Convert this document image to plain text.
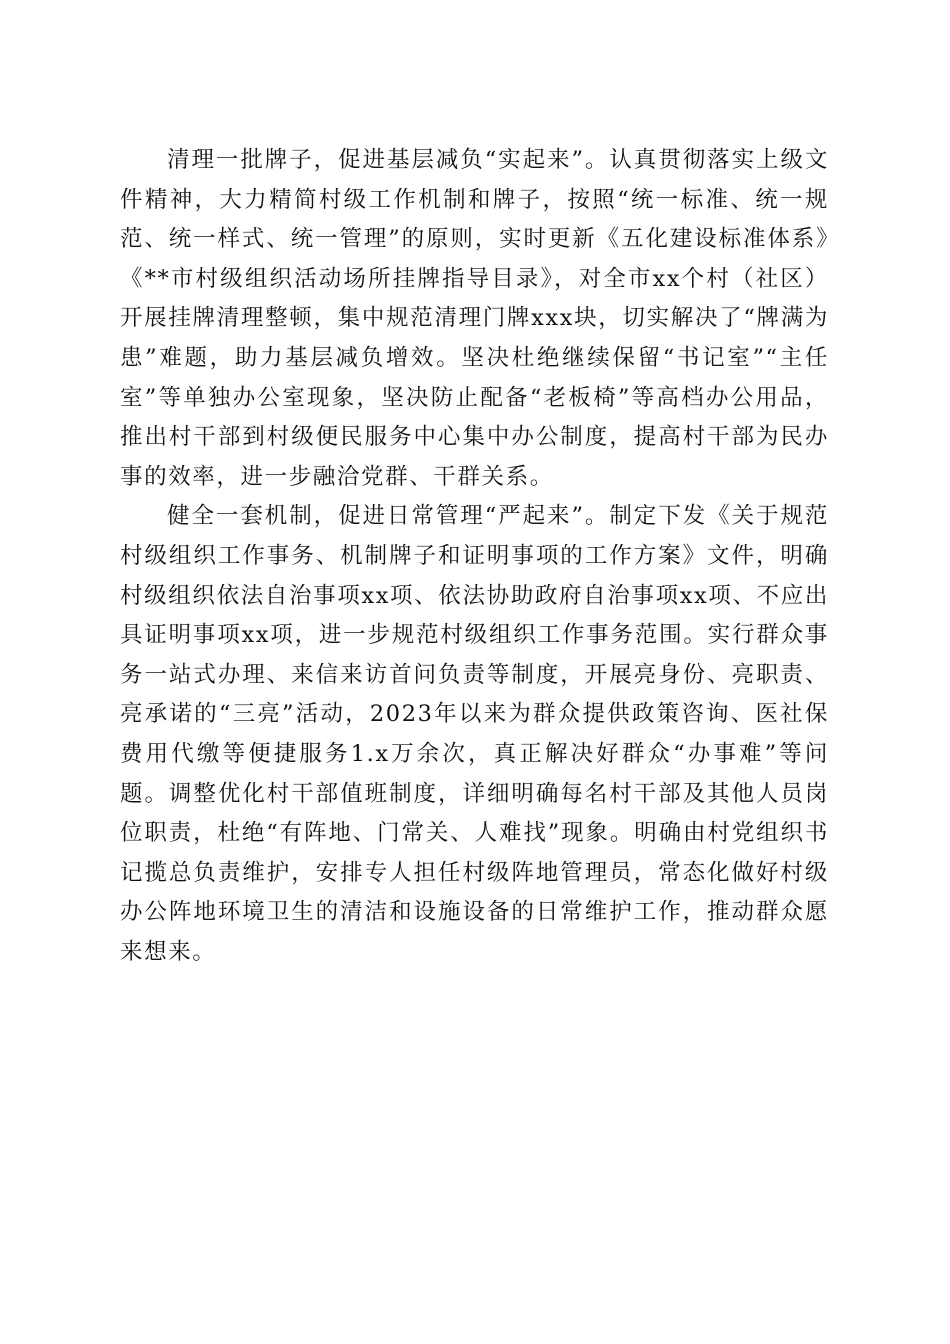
清理一批牌子，促进基层减负“实起来”。认真贯彻落实上级文件精神，大力精简村级工作机制和牌子，按照“统一标准、统一规范、统一样式、统一管理”的原则，实时更新《五化建设标准体系》《**市村级组织活动场所挂牌指导目录》，对全市xx个村（社区）开展挂牌清理整顿，集中规范清理门牌xxx块，切实解决了“牌满为患”难题，助力基层减负增效。坚决杜绝继续保留“书记室”“主任室”等单独办公室现象，坚决防止配备“老板椅”等高档办公用品，推出村干部到村级便民服务中心集中办公制度，提高村干部为民办事的效率，进一步融洽党群、干群关系。

健全一套机制，促进日常管理“严起来”。制定下发《关于规范村级组织工作事务、机制牌子和证明事项的工作方案》文件，明确村级组织依法自治事项xx项、依法协助政府自治事项xx项、不应出具证明事项xx项，进一步规范村级组织工作事务范围。实行群众事务一站式办理、来信来访首问负责等制度，开展亮身份、亮职责、亮承诺的“三亮”活动，2023年以来为群众提供政策咨询、医社保费用代缴等便捷服务1.x万余次，真正解决好群众“办事难”等问题。调整优化村干部值班制度，详细明确每名村干部及其他人员岗位职责，杜绝“有阵地、门常关、人难找”现象。明确由村党组织书记揽总负责维护，安排专人担任村级阵地管理员，常态化做好村级办公阵地环境卫生的清洁和设施设备的日常维护工作，推动群众愿来想来。
